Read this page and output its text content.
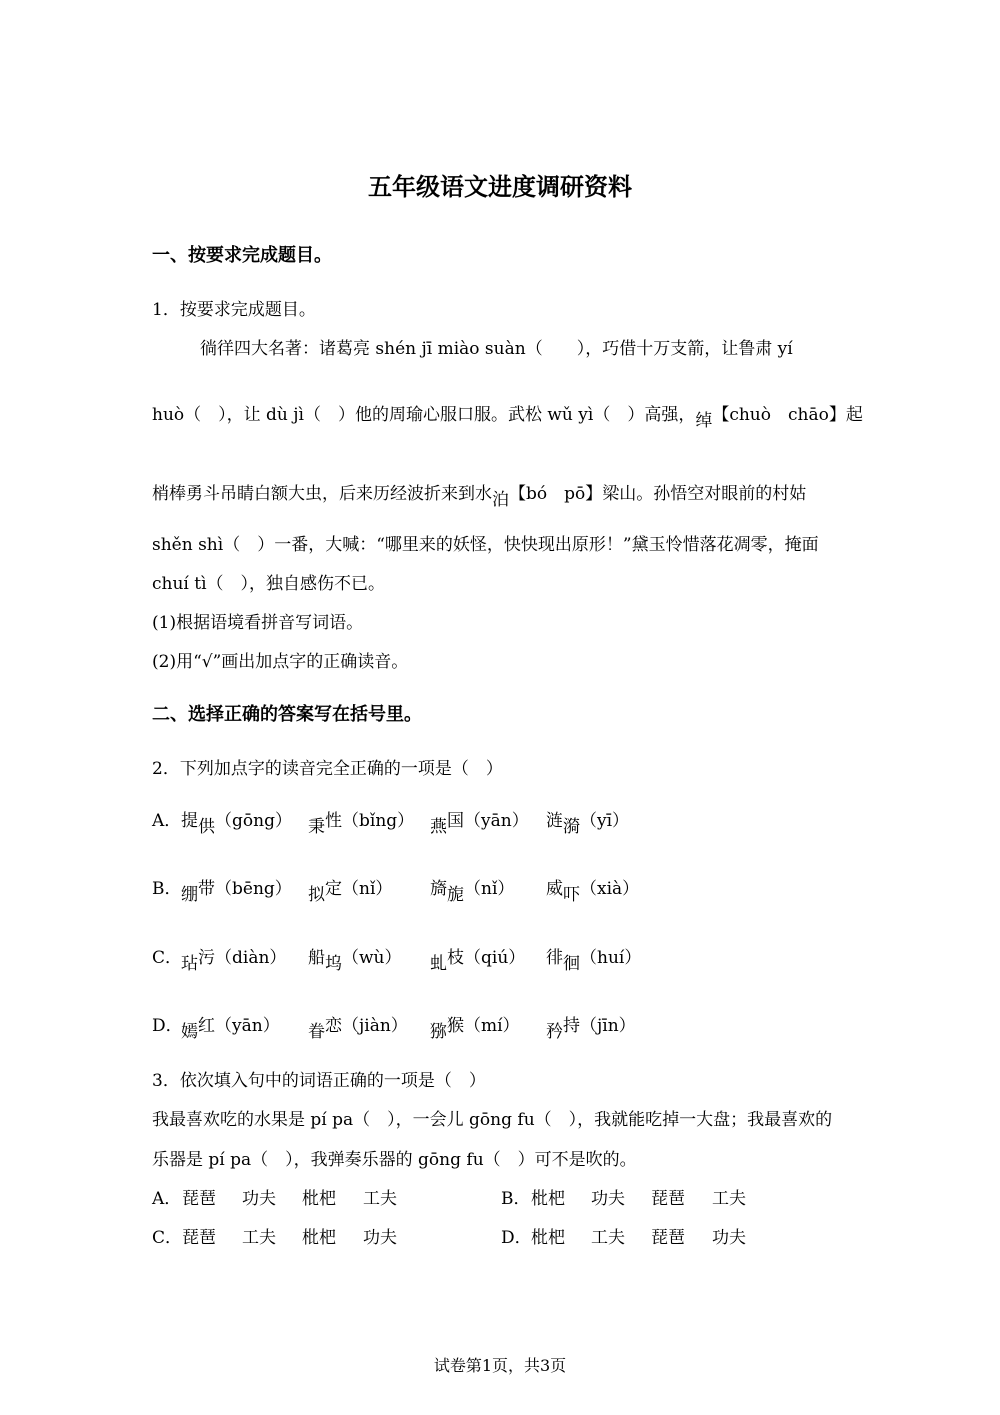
五年级语文进度调研资料
一、按要求完成题目。
1．按要求完成题目。
徜徉四大名著：诸葛亮 shén jī miào suàn（　　），巧借十万支箭，让鲁肃 yí
huò（　），让 dù jì（　）他的周瑜心服口服。武松 wǔ yì（　）高强，绰【chuò　chāo】起
梢棒勇斗吊睛白额大虫，后来历经波折来到水泊【bó　pō】梁山。孙悟空对眼前的村姑
shěn shì（　）一番，大喊：“哪里来的妖怪，快快现出原形！”黛玉怜惜落花凋零，掩面
chuí tì（　），独自感伤不已。
(1)根据语境看拼音写词语。
(2)用“√”画出加点字的正确读音。
二、选择正确的答案写在括号里。
2．下列加点字的读音完全正确的一项是（　）
A． 提供（gōng） 秉性（bǐng） 燕国（yān） 涟漪（yī）
B． 绷带（bēng） 拟定（nǐ） 旖旎（nǐ） 威吓（xià）
C．
玷污（diàn） 船坞（wù） 虬枝（qiú） 徘徊（huí）
D．
嫣红（yān） 眷恋（jiàn） 猕猴（mí） 矜持（jīn）
3．依次填入句中的词语正确的一项是（　）
我最喜欢吃的水果是 pí pa（　），一会儿 gōng fu（　），我就能吃掉一大盘；我最喜欢的
乐器是 pí pa（　），我弹奏乐器的 gōng fu（　）可不是吹的。
A． 琵琶 功夫 枇杷 工夫	B． 枇杷 功夫 琵琶 工夫
C． 琵琶 工夫 枇杷 功夫	D． 枇杷 工夫 琵琶 功夫
试卷第1页，共3页
